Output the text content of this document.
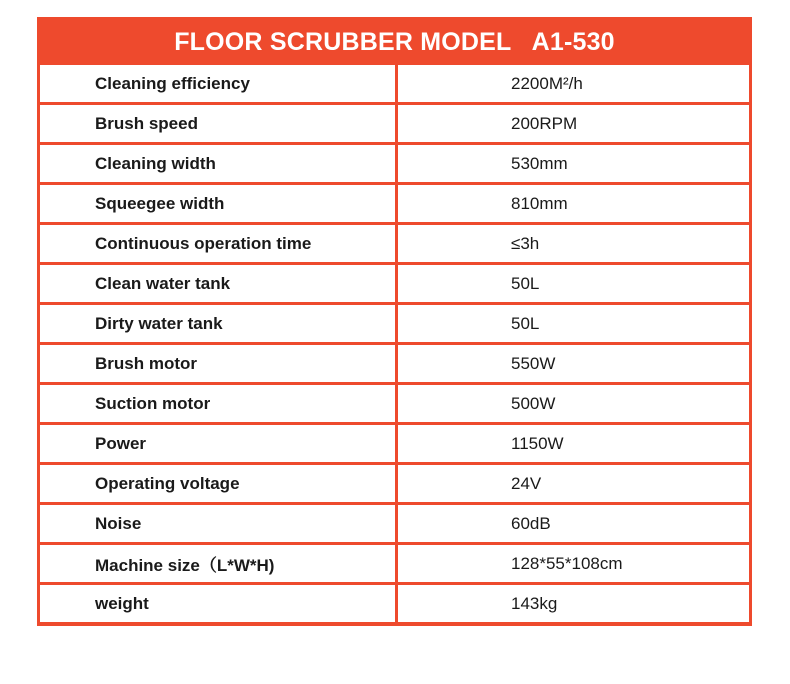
FLOOR SCRUBBER MODEL   A1-530
Cleaning efficiency	2200M²/h
Brush speed	200RPM
Cleaning width	530mm
Squeegee width	810mm
Continuous operation time	≤3h
Clean water tank	50L
Dirty water tank	50L
Brush motor	550W
Suction motor	500W
Power	1150W
Operating voltage	24V
Noise	60dB
Machine size（L*W*H)	128*55*108cm
weight	143kg
